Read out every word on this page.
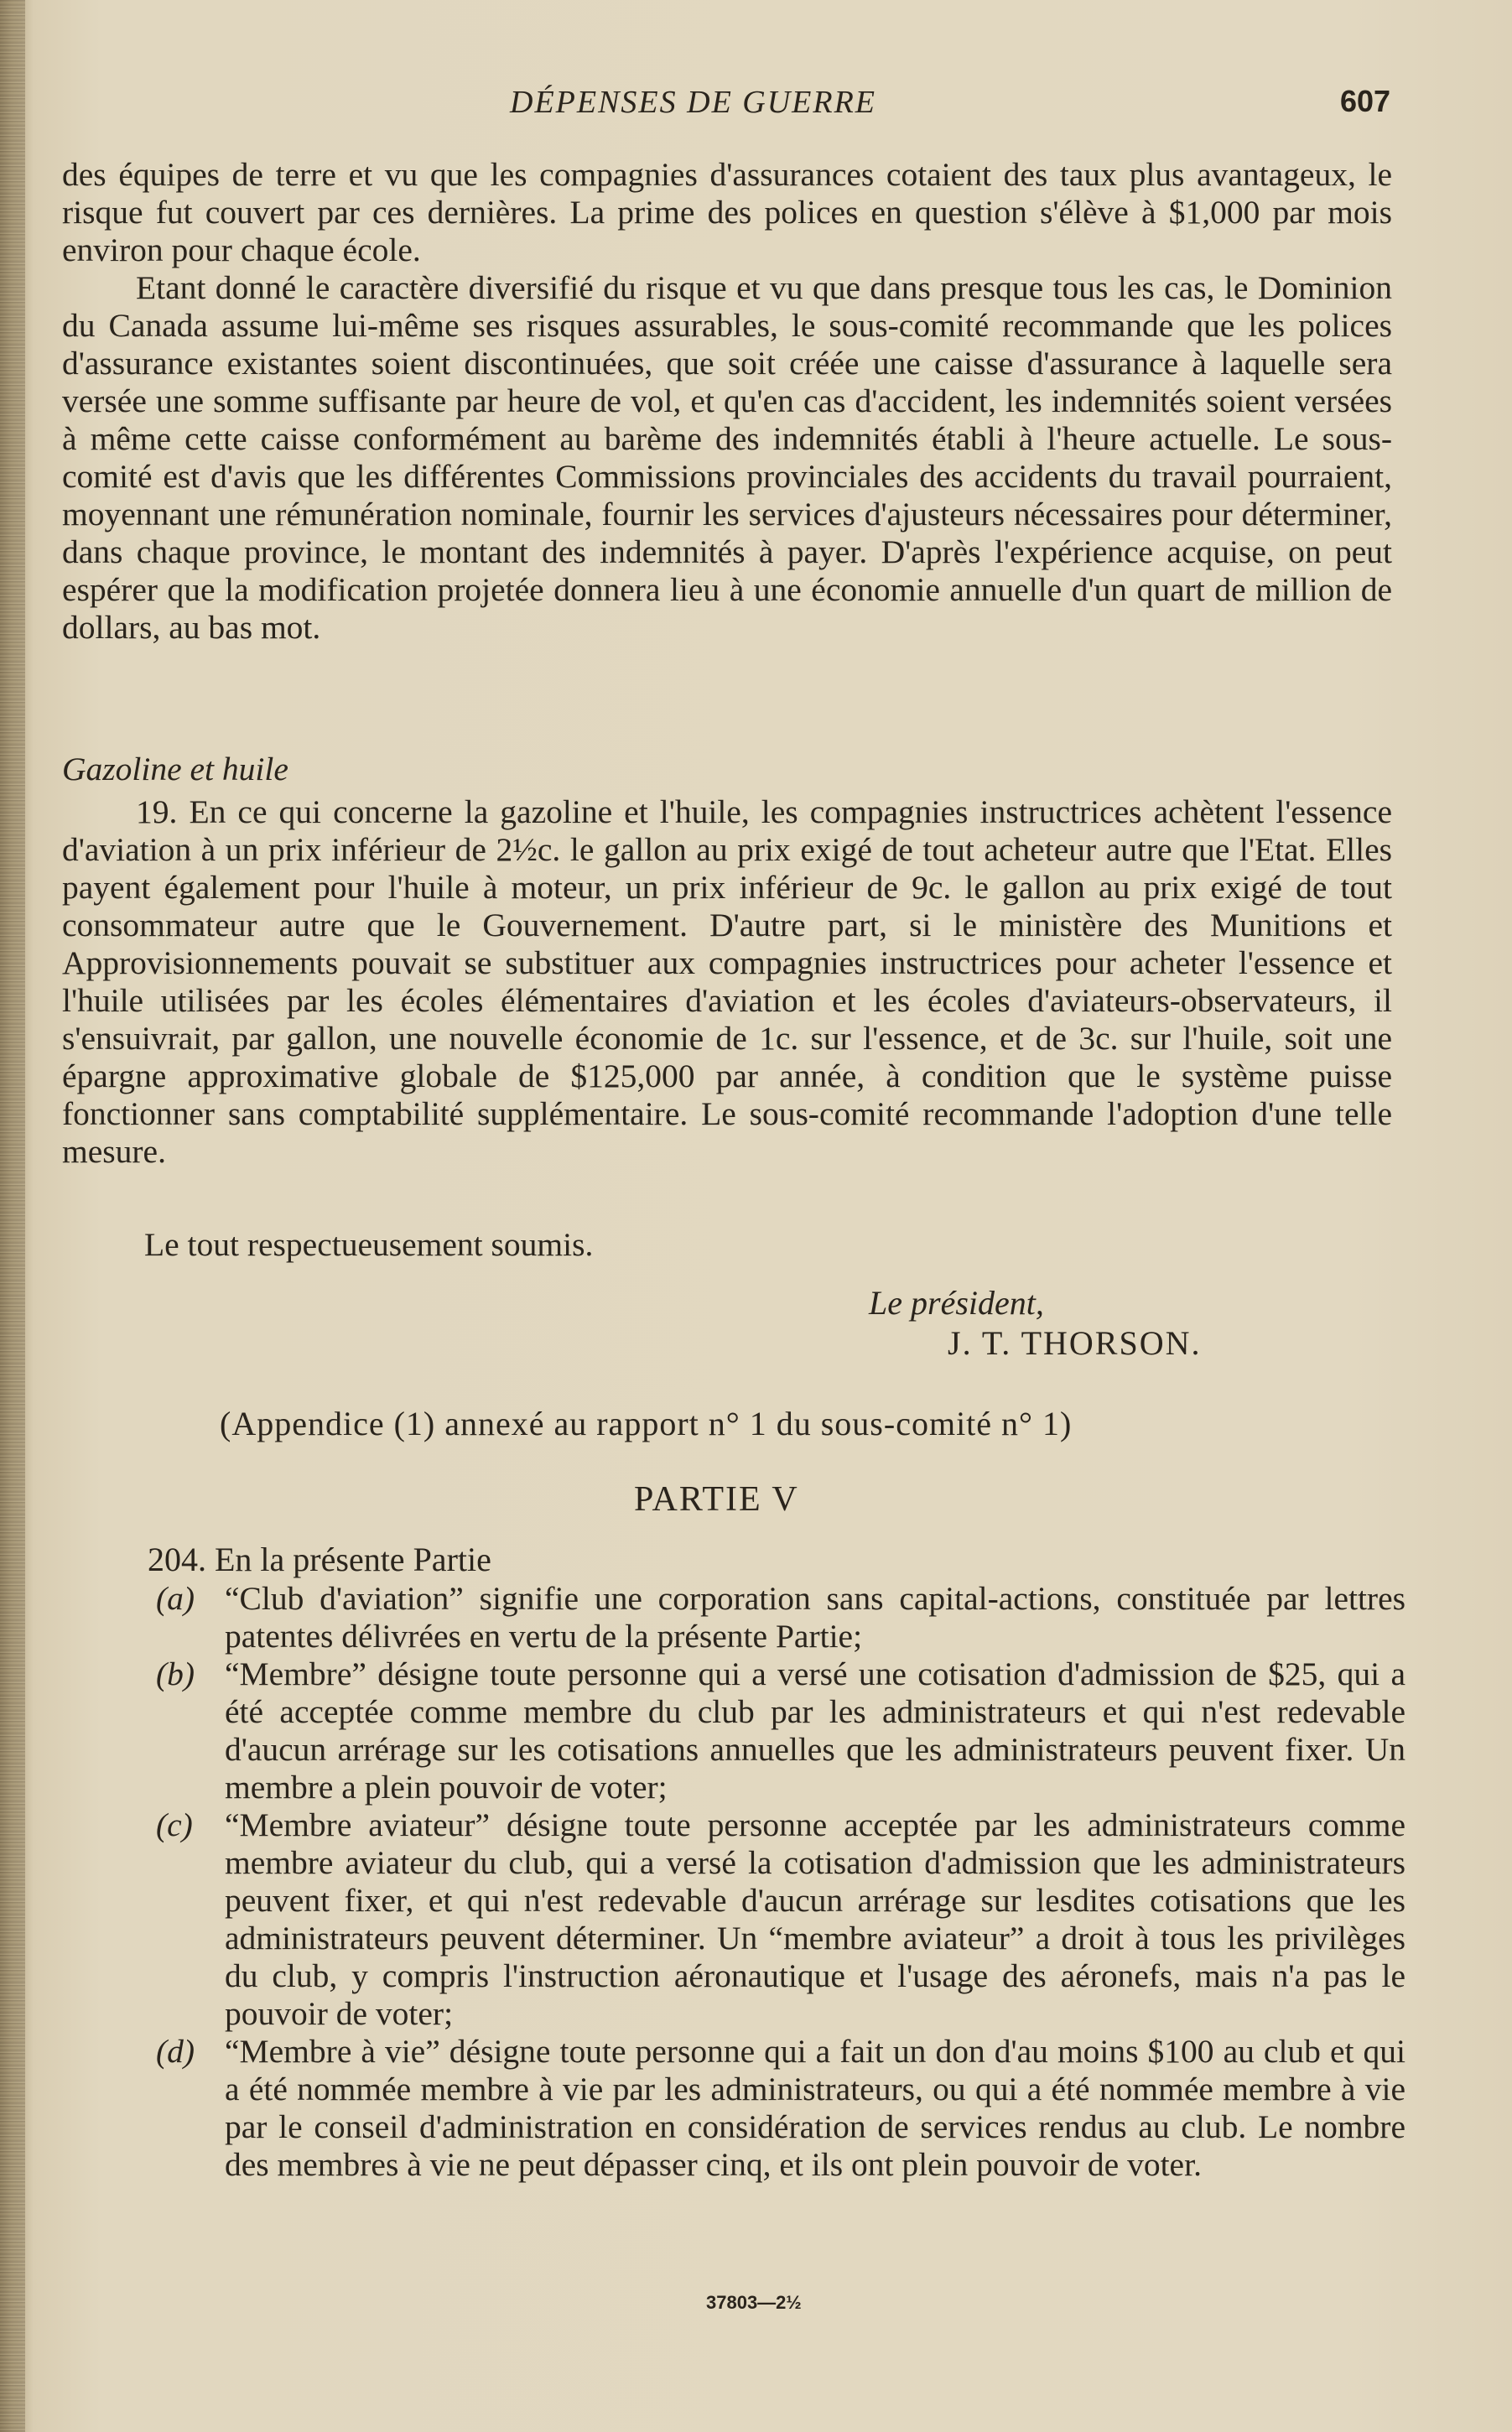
DÉPENSES DE GUERRE	607

des équipes de terre et vu que les compagnies d'assurances cotaient des taux plus avantageux, le risque fut couvert par ces dernières. La prime des polices en question s'élève à $1,000 par mois environ pour chaque école.

Etant donné le caractère diversifié du risque et vu que dans presque tous les cas, le Dominion du Canada assume lui-même ses risques assurables, le sous-comité recommande que les polices d'assurance existantes soient discontinuées, que soit créée une caisse d'assurance à laquelle sera versée une somme suffisante par heure de vol, et qu'en cas d'accident, les indemnités soient versées à même cette caisse conformément au barème des indemnités établi à l'heure actuelle. Le sous-comité est d'avis que les différentes Commissions provinciales des accidents du travail pourraient, moyennant une rémunération nominale, fournir les services d'ajusteurs nécessaires pour déterminer, dans chaque province, le montant des indemnités à payer. D'après l'expérience acquise, on peut espérer que la modification projetée donnera lieu à une économie annuelle d'un quart de million de dollars, au bas mot.

Gazoline et huile

19. En ce qui concerne la gazoline et l'huile, les compagnies instructrices achètent l'essence d'aviation à un prix inférieur de 2½c. le gallon au prix exigé de tout acheteur autre que l'Etat. Elles payent également pour l'huile à moteur, un prix inférieur de 9c. le gallon au prix exigé de tout consommateur autre que le Gouvernement. D'autre part, si le ministère des Munitions et Approvisionnements pouvait se substituer aux compagnies instructrices pour acheter l'essence et l'huile utilisées par les écoles élémentaires d'aviation et les écoles d'aviateurs-observateurs, il s'ensuivrait, par gallon, une nouvelle économie de 1c. sur l'essence, et de 3c. sur l'huile, soit une épargne approximative globale de $125,000 par année, à condition que le système puisse fonctionner sans comptabilité supplémentaire. Le sous-comité recommande l'adoption d'une telle mesure.

Le tout respectueusement soumis.
Le président,
J. T. THORSON.
(Appendice (1) annexé au rapport n° 1 du sous-comité n° 1)
PARTIE V
204. En la présente Partie
(a) “Club d'aviation” signifie une corporation sans capital-actions, constituée par lettres patentes délivrées en vertu de la présente Partie;
(b) “Membre” désigne toute personne qui a versé une cotisation d'admission de $25, qui a été acceptée comme membre du club par les administrateurs et qui n'est redevable d'aucun arrérage sur les cotisations annuelles que les administrateurs peuvent fixer. Un membre a plein pouvoir de voter;
(c) “Membre aviateur” désigne toute personne acceptée par les administrateurs comme membre aviateur du club, qui a versé la cotisation d'admission que les administrateurs peuvent fixer, et qui n'est redevable d'aucun arrérage sur lesdites cotisations que les administrateurs peuvent déterminer. Un “membre aviateur” a droit à tous les privilèges du club, y compris l'instruction aéronautique et l'usage des aéronefs, mais n'a pas le pouvoir de voter;
(d) “Membre à vie” désigne toute personne qui a fait un don d'au moins $100 au club et qui a été nommée membre à vie par les administrateurs, ou qui a été nommée membre à vie par le conseil d'administration en considération de services rendus au club. Le nombre des membres à vie ne peut dépasser cinq, et ils ont plein pouvoir de voter.
37803—2½
